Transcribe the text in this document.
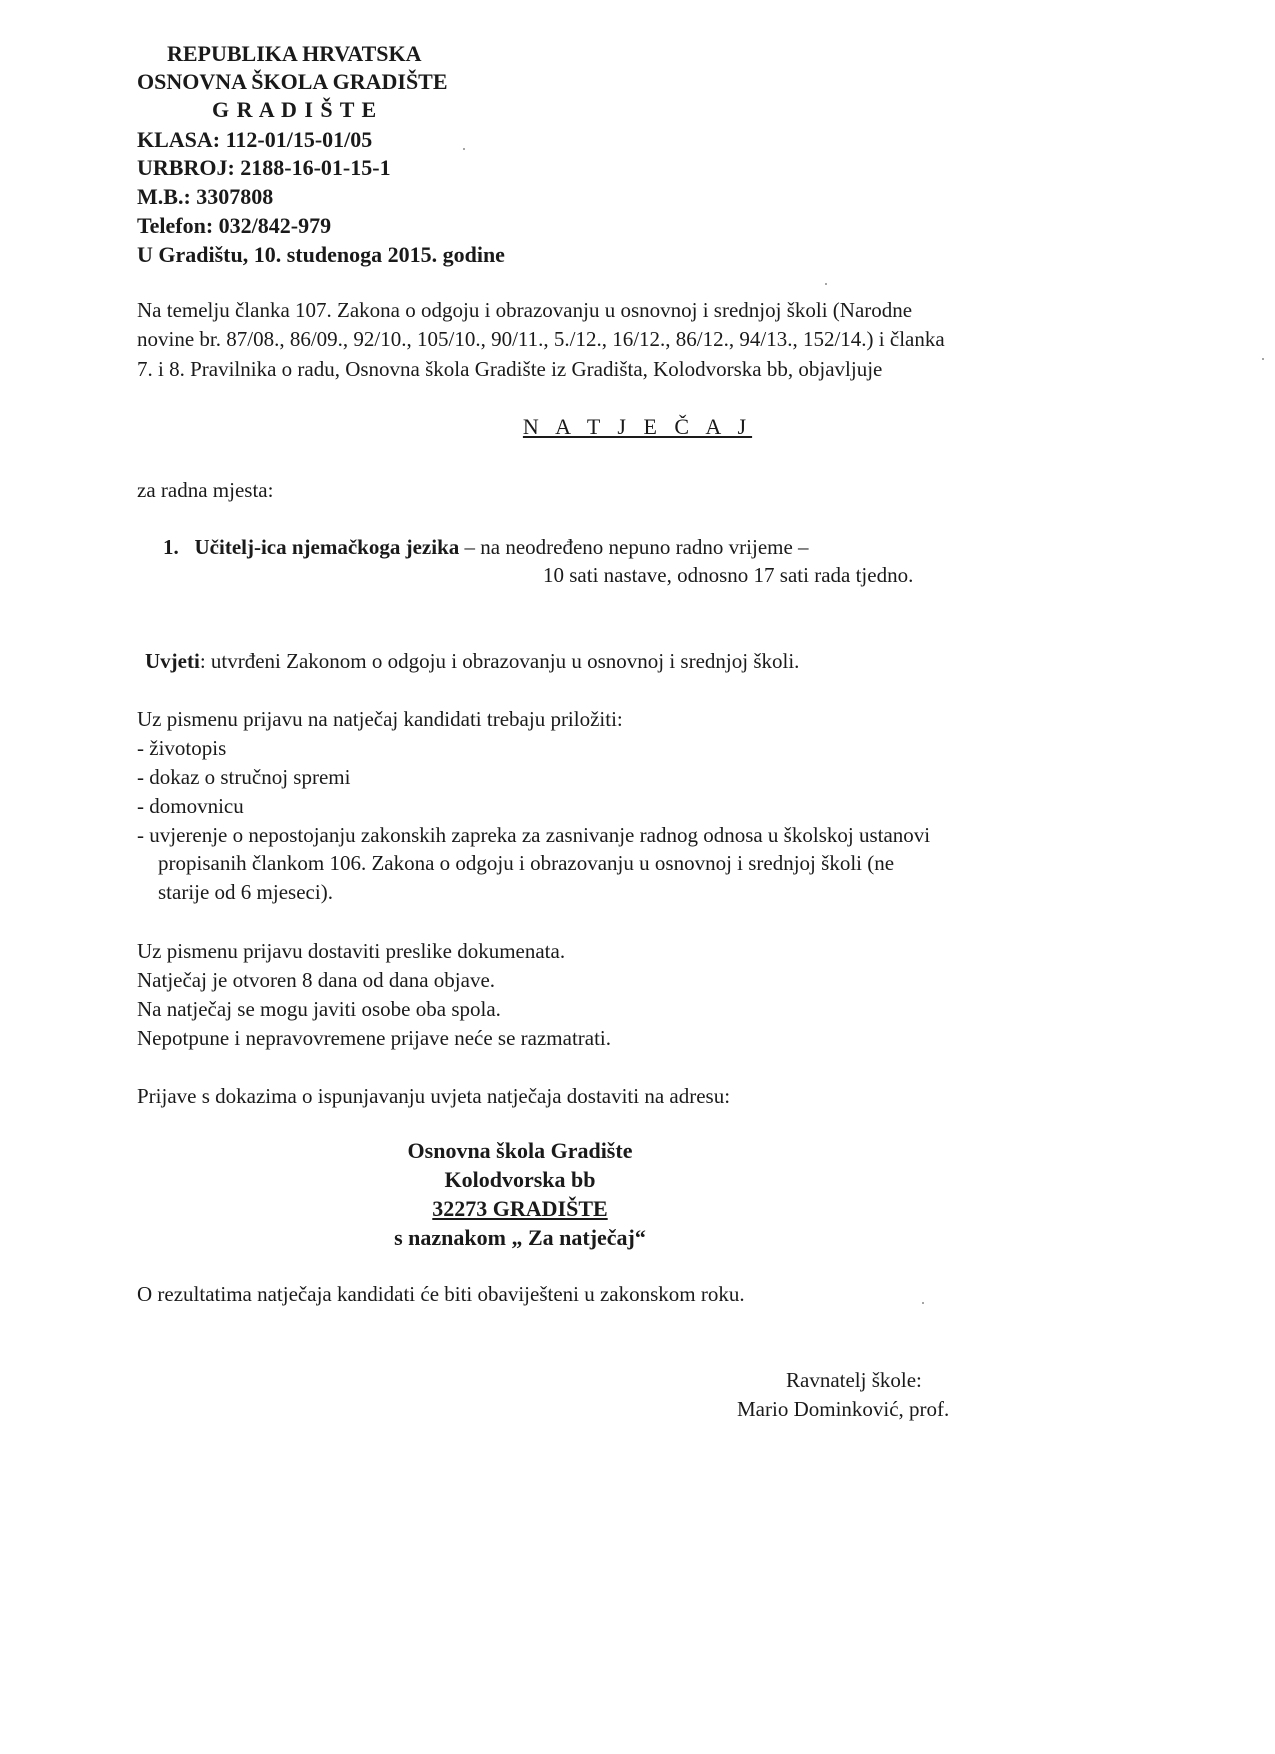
REPUBLIKA HRVATSKA
OSNOVNA ŠKOLA GRADIŠTE
G R A D I Š T E
KLASA: 112-01/15-01/05
URBROJ: 2188-16-01-15-1
M.B.: 3307808
Telefon: 032/842-979
U Gradištu, 10. studenoga 2015. godine
Na temelju članka 107. Zakona o odgoju i obrazovanju u osnovnoj i srednjoj školi (Narodne
novine br. 87/08., 86/09., 92/10., 105/10., 90/11., 5./12., 16/12., 86/12., 94/13., 152/14.) i članka
7. i 8. Pravilnika o radu, Osnovna škola Gradište iz Gradišta, Kolodvorska bb, objavljuje
N A T J E Č A J
za radna mjesta:
1. Učitelj-ica njemačkoga jezika – na neodređeno nepuno radno vrijeme –
10 sati nastave, odnosno 17 sati rada tjedno.
Uvjeti: utvrđeni Zakonom o odgoju i obrazovanju u osnovnoj i srednjoj školi.
Uz pismenu prijavu na natječaj kandidati trebaju priložiti:
- životopis
- dokaz o stručnoj spremi
- domovnicu
- uvjerenje o nepostojanju zakonskih zapreka za zasnivanje radnog odnosa u školskoj ustanovi
propisanih člankom 106. Zakona o odgoju i obrazovanju u osnovnoj i srednjoj školi (ne
starije od 6 mjeseci).
Uz pismenu prijavu dostaviti preslike dokumenata.
Natječaj je otvoren 8 dana od dana objave.
Na natječaj se mogu javiti osobe oba spola.
Nepotpune i nepravovremene prijave neće se razmatrati.
Prijave s dokazima o ispunjavanju uvjeta natječaja dostaviti na adresu:
Osnovna škola Gradište
Kolodvorska bb
32273 GRADIŠTE
s naznakom „ Za natječaj“
O rezultatima natječaja kandidati će biti obaviješteni u zakonskom roku.
Ravnatelj škole:
Mario Dominković, prof.
